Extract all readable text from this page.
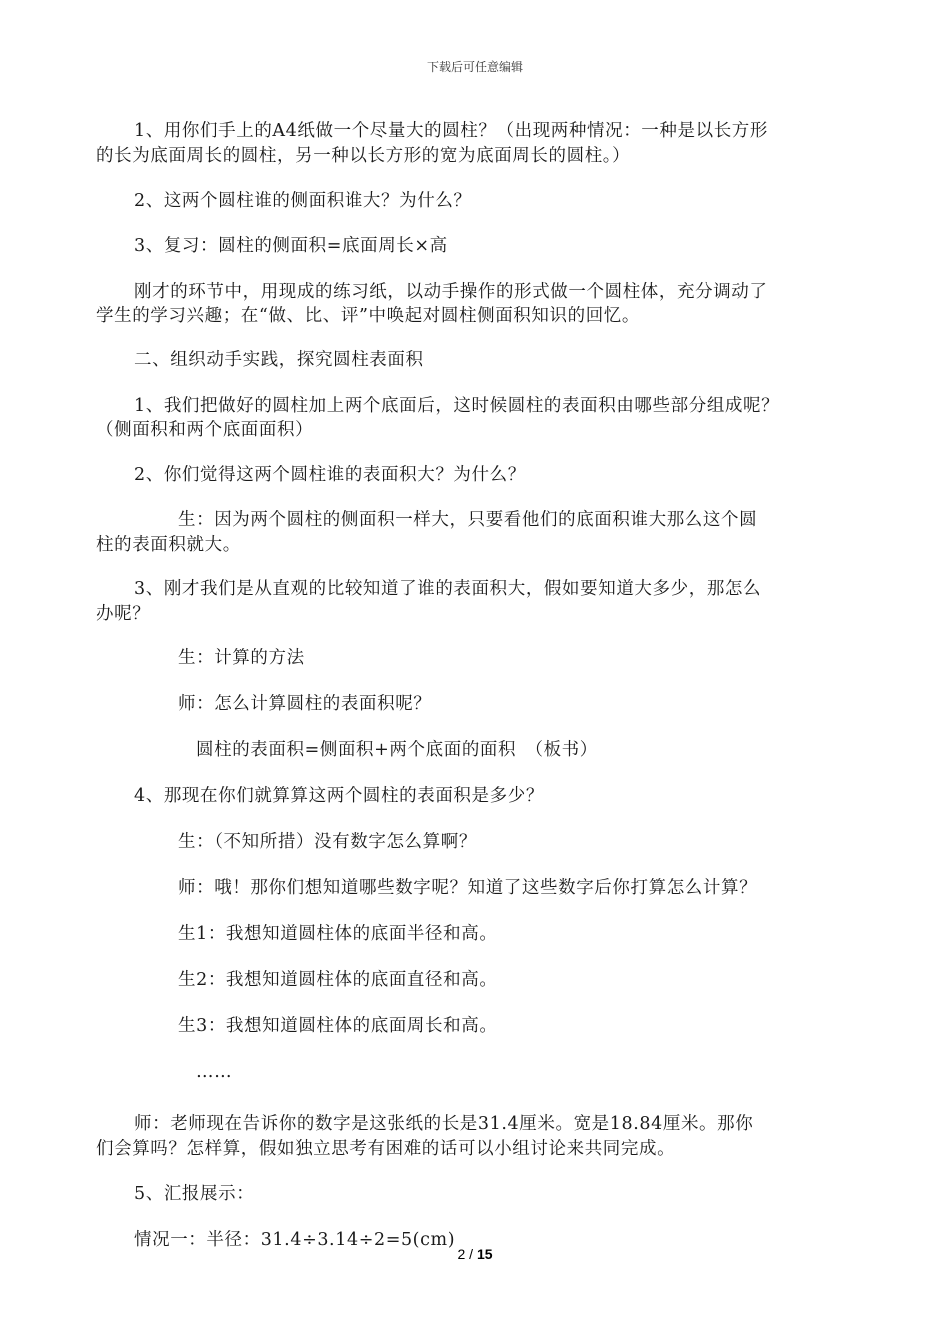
下载后可任意编辑
1、用你们手上的A4纸做一个尽量大的圆柱？（出现两种情况：一种是以长方形
的长为底面周长的圆柱，另一种以长方形的宽为底面周长的圆柱。）
2、这两个圆柱谁的侧面积谁大？为什么？
3、复习：圆柱的侧面积=底面周长×高
刚才的环节中，用现成的练习纸，以动手操作的形式做一个圆柱体，充分调动了
学生的学习兴趣；在“做、比、评”中唤起对圆柱侧面积知识的回忆。
二、组织动手实践，探究圆柱表面积
1、我们把做好的圆柱加上两个底面后，这时候圆柱的表面积由哪些部分组成呢？
（侧面积和两个底面面积）
2、你们觉得这两个圆柱谁的表面积大？为什么？
生：因为两个圆柱的侧面积一样大，只要看他们的底面积谁大那么这个圆
柱的表面积就大。
3、刚才我们是从直观的比较知道了谁的表面积大，假如要知道大多少，那怎么
办呢？
生：计算的方法
师：怎么计算圆柱的表面积呢？
圆柱的表面积=侧面积+两个底面的面积　（板书）
4、那现在你们就算算这两个圆柱的表面积是多少？
生：（不知所措）没有数字怎么算啊？
师：哦！那你们想知道哪些数字呢？知道了这些数字后你打算怎么计算？
生1：我想知道圆柱体的底面半径和高。
生2：我想知道圆柱体的底面直径和高。
生3：我想知道圆柱体的底面周长和高。
……
师：老师现在告诉你的数字是这张纸的长是31.4厘米。宽是18.84厘米。那你
们会算吗？怎样算，假如独立思考有困难的话可以小组讨论来共同完成。
5、汇报展示：
情况一：半径：31.4÷3.14÷2=5(cm)
2 / 15
